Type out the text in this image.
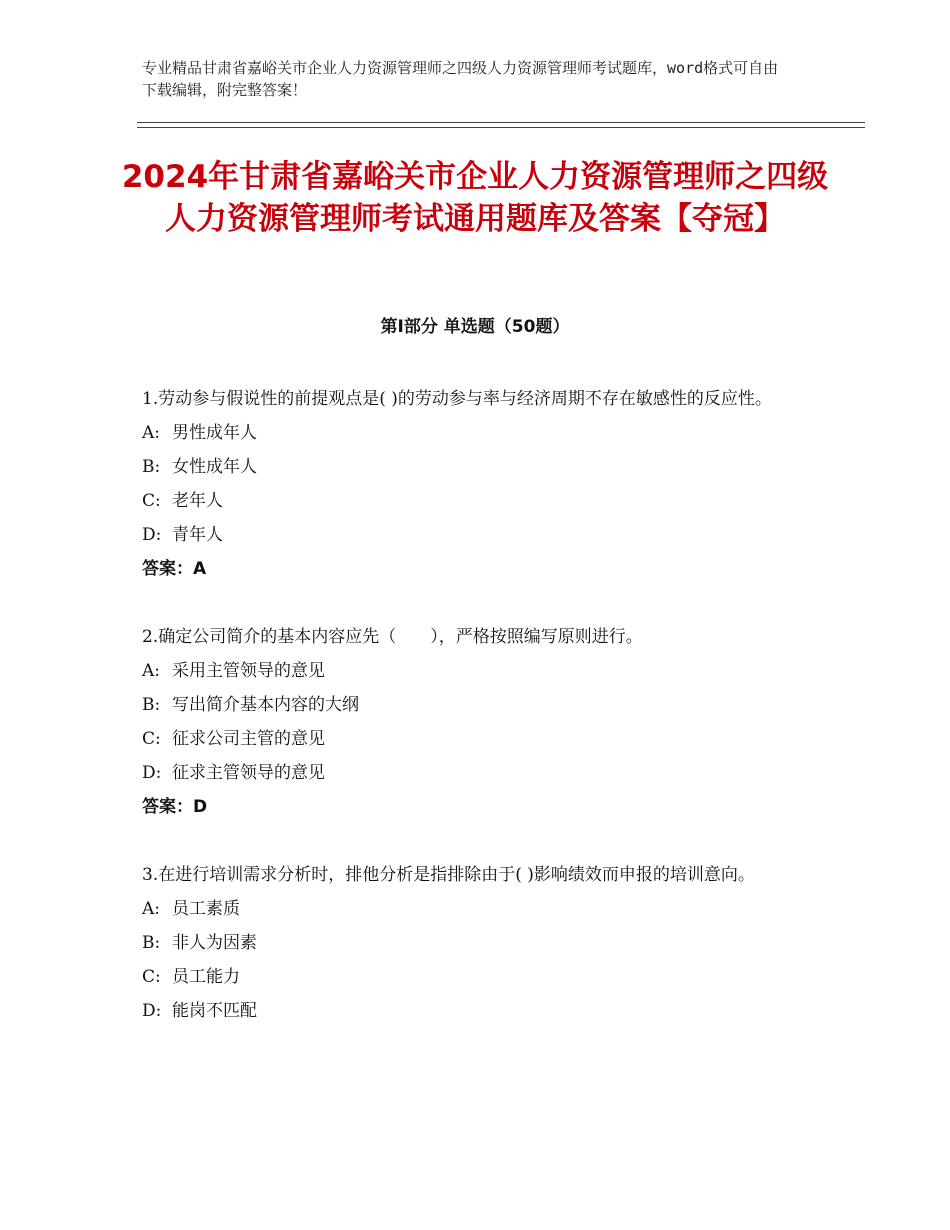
专业精品甘肃省嘉峪关市企业人力资源管理师之四级人力资源管理师考试题库，word格式可自由下载编辑，附完整答案！
2024年甘肃省嘉峪关市企业人力资源管理师之四级人力资源管理师考试通用题库及答案【夺冠】
第Ⅰ部分 单选题（50题）
1.劳动参与假说性的前提观点是( )的劳动参与率与经济周期不存在敏感性的反应性。
A: 男性成年人
B: 女性成年人
C: 老年人
D: 青年人
答案：A
2.确定公司简介的基本内容应先（　　），严格按照编写原则进行。
A: 采用主管领导的意见
B: 写出简介基本内容的大纲
C: 征求公司主管的意见
D: 征求主管领导的意见
答案：D
3.在进行培训需求分析时，排他分析是指排除由于( )影响绩效而申报的培训意向。
A: 员工素质
B: 非人为因素
C: 员工能力
D: 能岗不匹配
